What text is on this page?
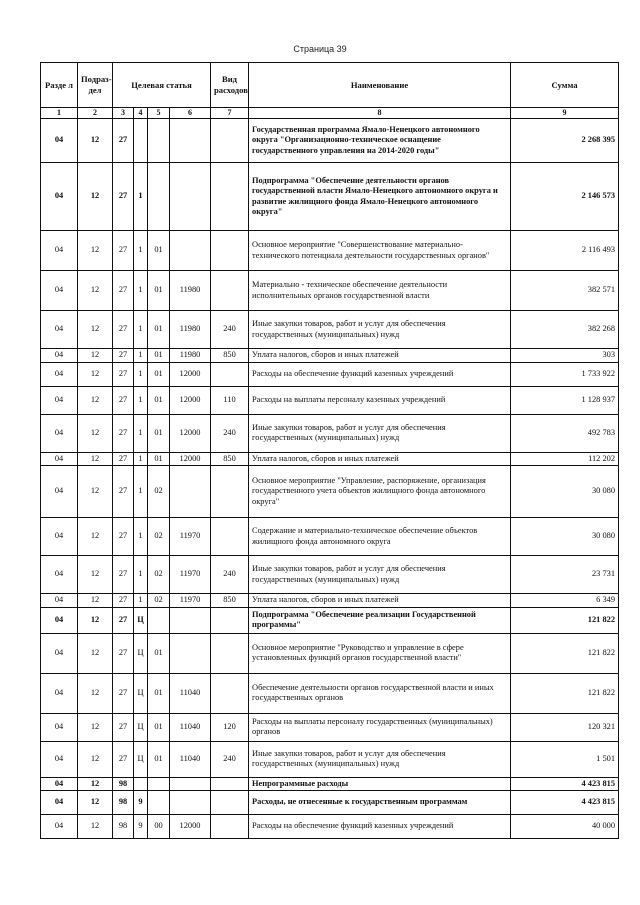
Страница 39
Разде л	Подраз- дел	Целевая статья				Вид расходов	Наименование	Сумма
1	2	3	4	5	6	7	8	9
04	12	27					Государственная программа Ямало-Ненецкого автономного округа "Организационно-техническое оснащение государственного управления на 2014-2020 годы"	2 268 395
04	12	27	1				Подпрограмма "Обеспечение деятельности органов государственной власти Ямало-Ненецкого автономного округа и развитие жилищного фонда Ямало-Ненецкого автономного округа"	2 146 573
04	12	27	1	01			Основное мероприятие "Совершенствование материально-технического потенциала деятельности государственных органов"	2 116 493
04	12	27	1	01	11980		Материально - техническое обеспечение деятельности исполнительных органов государственной власти	382 571
04	12	27	1	01	11980	240	Иные закупки товаров, работ и услуг для обеспечения государственных (муниципальных) нужд	382 268
04	12	27	1	01	11980	850	Уплата налогов, сборов и иных платежей	303
04	12	27	1	01	12000		Расходы на обеспечение функций казенных учреждений	1 733 922
04	12	27	1	01	12000	110	Расходы на выплаты персоналу казенных учреждений	1 128 937
04	12	27	1	01	12000	240	Иные закупки товаров, работ и услуг для обеспечения государственных (муниципальных) нужд	492 783
04	12	27	1	01	12000	850	Уплата налогов, сборов и иных платежей	112 202
04	12	27	1	02			Основное мероприятие "Управление, распоряжение, организация государственного учета объектов жилищного фонда автономного округа"	30 080
04	12	27	1	02	11970		Содержание и материально-техническое обеспечение объектов жилищного фонда автономного округа	30 080
04	12	27	1	02	11970	240	Иные закупки товаров, работ и услуг для обеспечения государственных (муниципальных) нужд	23 731
04	12	27	1	02	11970	850	Уплата налогов, сборов и иных платежей	6 349
04	12	27	Ц				Подпрограмма "Обеспечение реализации Государственной программы"	121 822
04	12	27	Ц	01			Основное мероприятие "Руководство и управление в сфере установленных функций органов государственной власти"	121 822
04	12	27	Ц	01	11040		Обеспечение деятельности органов государственной власти и иных государственных органов	121 822
04	12	27	Ц	01	11040	120	Расходы на выплаты персоналу государственных (муниципальных) органов	120 321
04	12	27	Ц	01	11040	240	Иные закупки товаров, работ и услуг для обеспечения государственных (муниципальных) нужд	1 501
04	12	98					Непрограммные расходы	4 423 815
04	12	98	9				Расходы, не отнесенные к государственным программам	4 423 815
04	12	98	9	00	12000		Расходы на обеспечение функций казенных учреждений	40 000
